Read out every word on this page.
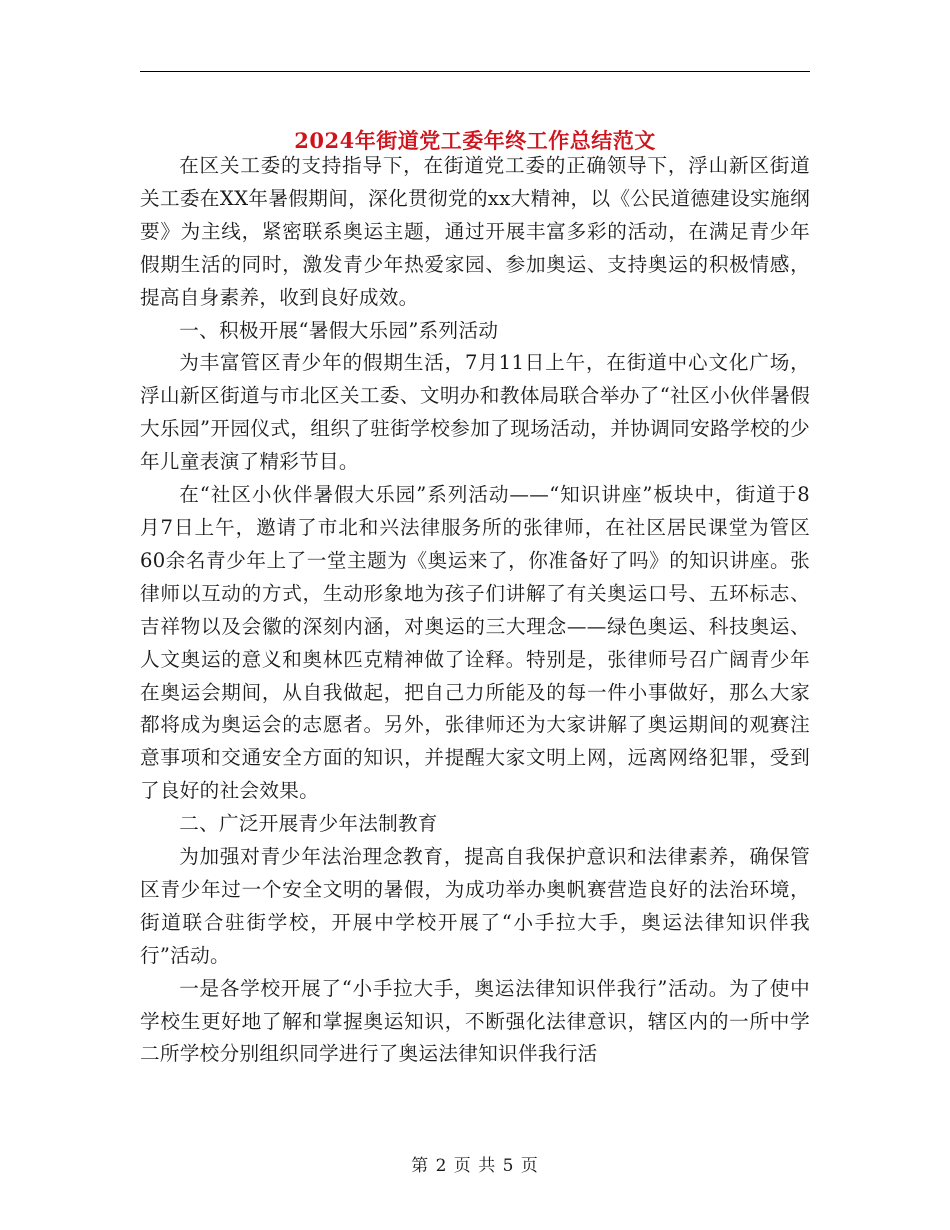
2024年街道党工委年终工作总结范文

在区关工委的支持指导下，在街道党工委的正确领导下，浮山新区街道关工委在XX年暑假期间，深化贯彻党的xx大精神，以《公民道德建设实施纲要》为主线，紧密联系奥运主题，通过开展丰富多彩的活动，在满足青少年假期生活的同时，激发青少年热爱家园、参加奥运、支持奥运的积极情感，提高自身素养，收到良好成效。

一、积极开展“暑假大乐园”系列活动

为丰富管区青少年的假期生活，7月11日上午，在街道中心文化广场，浮山新区街道与市北区关工委、文明办和教体局联合举办了“社区小伙伴暑假大乐园”开园仪式，组织了驻街学校参加了现场活动，并协调同安路学校的少年儿童表演了精彩节目。

在“社区小伙伴暑假大乐园”系列活动——“知识讲座”板块中，街道于8月7日上午，邀请了市北和兴法律服务所的张律师，在社区居民课堂为管区60余名青少年上了一堂主题为《奥运来了，你准备好了吗》的知识讲座。张律师以互动的方式，生动形象地为孩子们讲解了有关奥运口号、五环标志、吉祥物以及会徽的深刻内涵，对奥运的三大理念——绿色奥运、科技奥运、人文奥运的意义和奥林匹克精神做了诠释。特别是，张律师号召广阔青少年在奥运会期间，从自我做起，把自己力所能及的每一件小事做好，那么大家都将成为奥运会的志愿者。另外，张律师还为大家讲解了奥运期间的观赛注意事项和交通安全方面的知识，并提醒大家文明上网，远离网络犯罪，受到了良好的社会效果。

二、广泛开展青少年法制教育

为加强对青少年法治理念教育，提高自我保护意识和法律素养，确保管区青少年过一个安全文明的暑假，为成功举办奥帆赛营造良好的法治环境，街道联合驻街学校，开展中学校开展了“小手拉大手，奥运法律知识伴我行”活动。

一是各学校开展了“小手拉大手，奥运法律知识伴我行”活动。为了使中学校生更好地了解和掌握奥运知识，不断强化法律意识，辖区内的一所中学二所学校分别组织同学进行了奥运法律知识伴我行活

第 2 页 共 5 页
